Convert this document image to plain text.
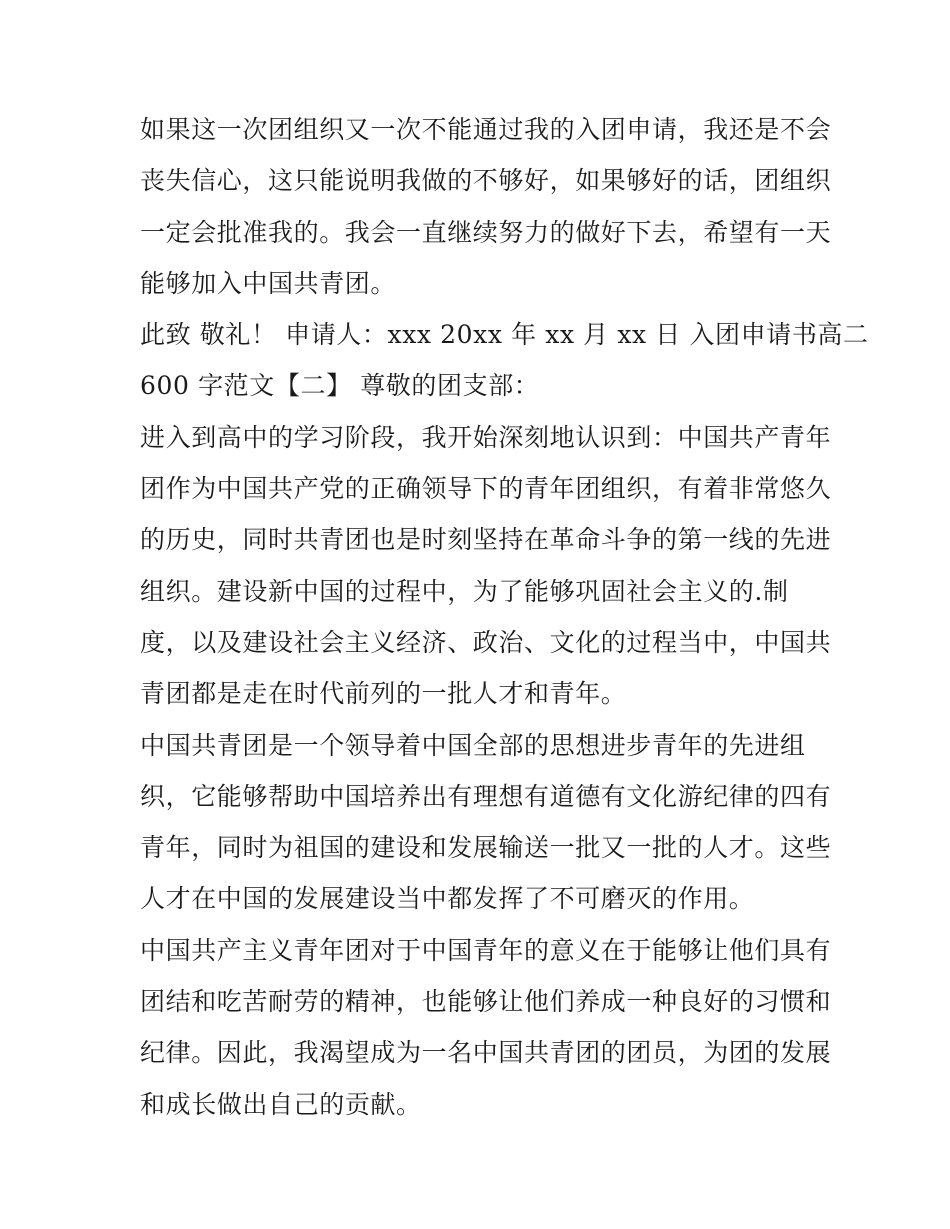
如果这一次团组织又一次不能通过我的入团申请，我还是不会
丧失信心，这只能说明我做的不够好，如果够好的话，团组织
一定会批准我的。我会一直继续努力的做好下去，希望有一天
能够加入中国共青团。
此致 敬礼！ 申请人：xxx 20xx 年 xx 月 xx 日 入团申请书高二
600 字范文【二】 尊敬的团支部：
进入到高中的学习阶段，我开始深刻地认识到：中国共产青年
团作为中国共产党的正确领导下的青年团组织，有着非常悠久
的历史，同时共青团也是时刻坚持在革命斗争的第一线的先进
组织。建设新中国的过程中，为了能够巩固社会主义的.制
度，以及建设社会主义经济、政治、文化的过程当中，中国共
青团都是走在时代前列的一批人才和青年。
中国共青团是一个领导着中国全部的思想进步青年的先进组
织，它能够帮助中国培养出有理想有道德有文化游纪律的四有
青年，同时为祖国的建设和发展输送一批又一批的人才。这些
人才在中国的发展建设当中都发挥了不可磨灭的作用。
中国共产主义青年团对于中国青年的意义在于能够让他们具有
团结和吃苦耐劳的精神，也能够让他们养成一种良好的习惯和
纪律。因此，我渴望成为一名中国共青团的团员，为团的发展
和成长做出自己的贡献。
